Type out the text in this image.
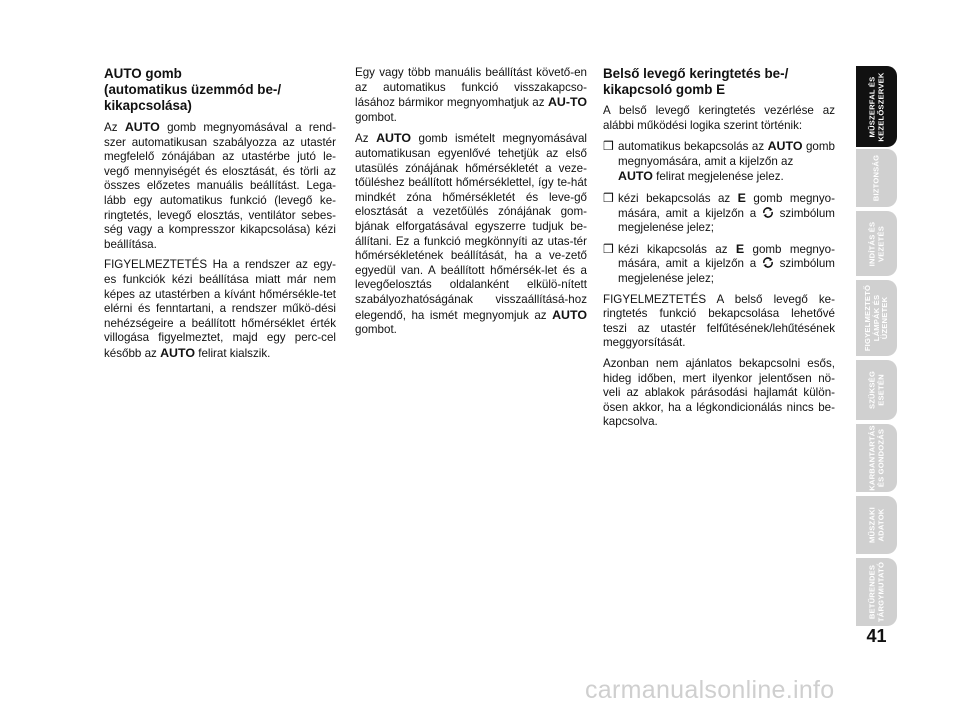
AUTO gomb
(automatikus üzemmód be-/
kikapcsolása)

Az AUTO gomb megnyomásával a rend-szer automatikusan szabályozza az utastér megfelelő zónájában az utastérbe jutó le-vegő mennyiségét és elosztását, és törli az összes előzetes manuális beállítást. Lega-lább egy automatikus funkció (levegő ke-ringtetés, levegő elosztás, ventilátor sebes-ség vagy a kompresszor kikapcsolása) kézi beállítása.

FIGYELMEZTETÉS Ha a rendszer az egy-es funkciók kézi beállítása miatt már nem képes az utastérben a kívánt hőmérsékle-tet elérni és fenntartani, a rendszer műkö-dési nehézségeire a beállított hőmérséklet érték villogása figyelmeztet, majd egy perc-cel később az AUTO felirat kialszik.

Egy vagy több manuális beállítást követő-en az automatikus funkció visszakapcso-lásához bármikor megnyomhatjuk az AU-TO gombot.

Az AUTO gomb ismételt megnyomásával automatikusan egyenlővé tehetjük az első utasülés zónájának hőmérsékletét a veze-tőüléshez beállított hőmérséklettel, így te-hát mindkét zóna hőmérsékletét és leve-gő elosztását a vezetőülés zónájának gom-bjának elforgatásával egyszerre tudjuk be-állítani. Ez a funkció megkönnyíti az utas-tér hőmérsékletének beállítását, ha a ve-zető egyedül van. A beállított hőmérsék-let és a levegőelosztás oldalanként elkülö-nített szabályozhatóságának visszaállításá-hoz elegendő, ha ismét megnyomjuk az AUTO gombot.

Belső levegő keringtetés be-/
kikapcsoló gomb E

A belső levegő keringtetés vezérlése az alábbi működési logika szerint történik:

❒ automatikus bekapcsolás az AUTO gomb megnyomására, amit a kijelzőn az
AUTO felirat megjelenése jelez.
❒ kézi bekapcsolás az E gomb megnyo-mására, amit a kijelzőn a szimbólum megjelenése jelez;
❒ kézi kikapcsolás az E gomb megnyo-mására, amit a kijelzőn a szimbólum megjelenése jelez;

FIGYELMEZTETÉS A belső levegő ke-ringtetés funkció bekapcsolása lehetővé teszi az utastér felfűtésének/lehűtésének meggyorsítását.

Azonban nem ajánlatos bekapcsolni esős, hideg időben, mert ilyenkor jelentősen nö-veli az ablakok párásodási hajlamát külön-ösen akkor, ha a légkondicionálás nincs be-kapcsolva.

MŰSZERFAL ÉS KEZELŐSZERVEK
BIZTONSÁG
INDÍTÁS ÉS VEZETÉS
FIGYELMEZTETŐ LÁMPÁK ÉS ÜZENETEK
SZÜKSÉG ESETÉN
KARBANTARTÁS ÉS GONDOZÁS
MŰSZAKI ADATOK
BETŰRENDES TÁRGYMUTATÓ
41
carmanualsonline.info
